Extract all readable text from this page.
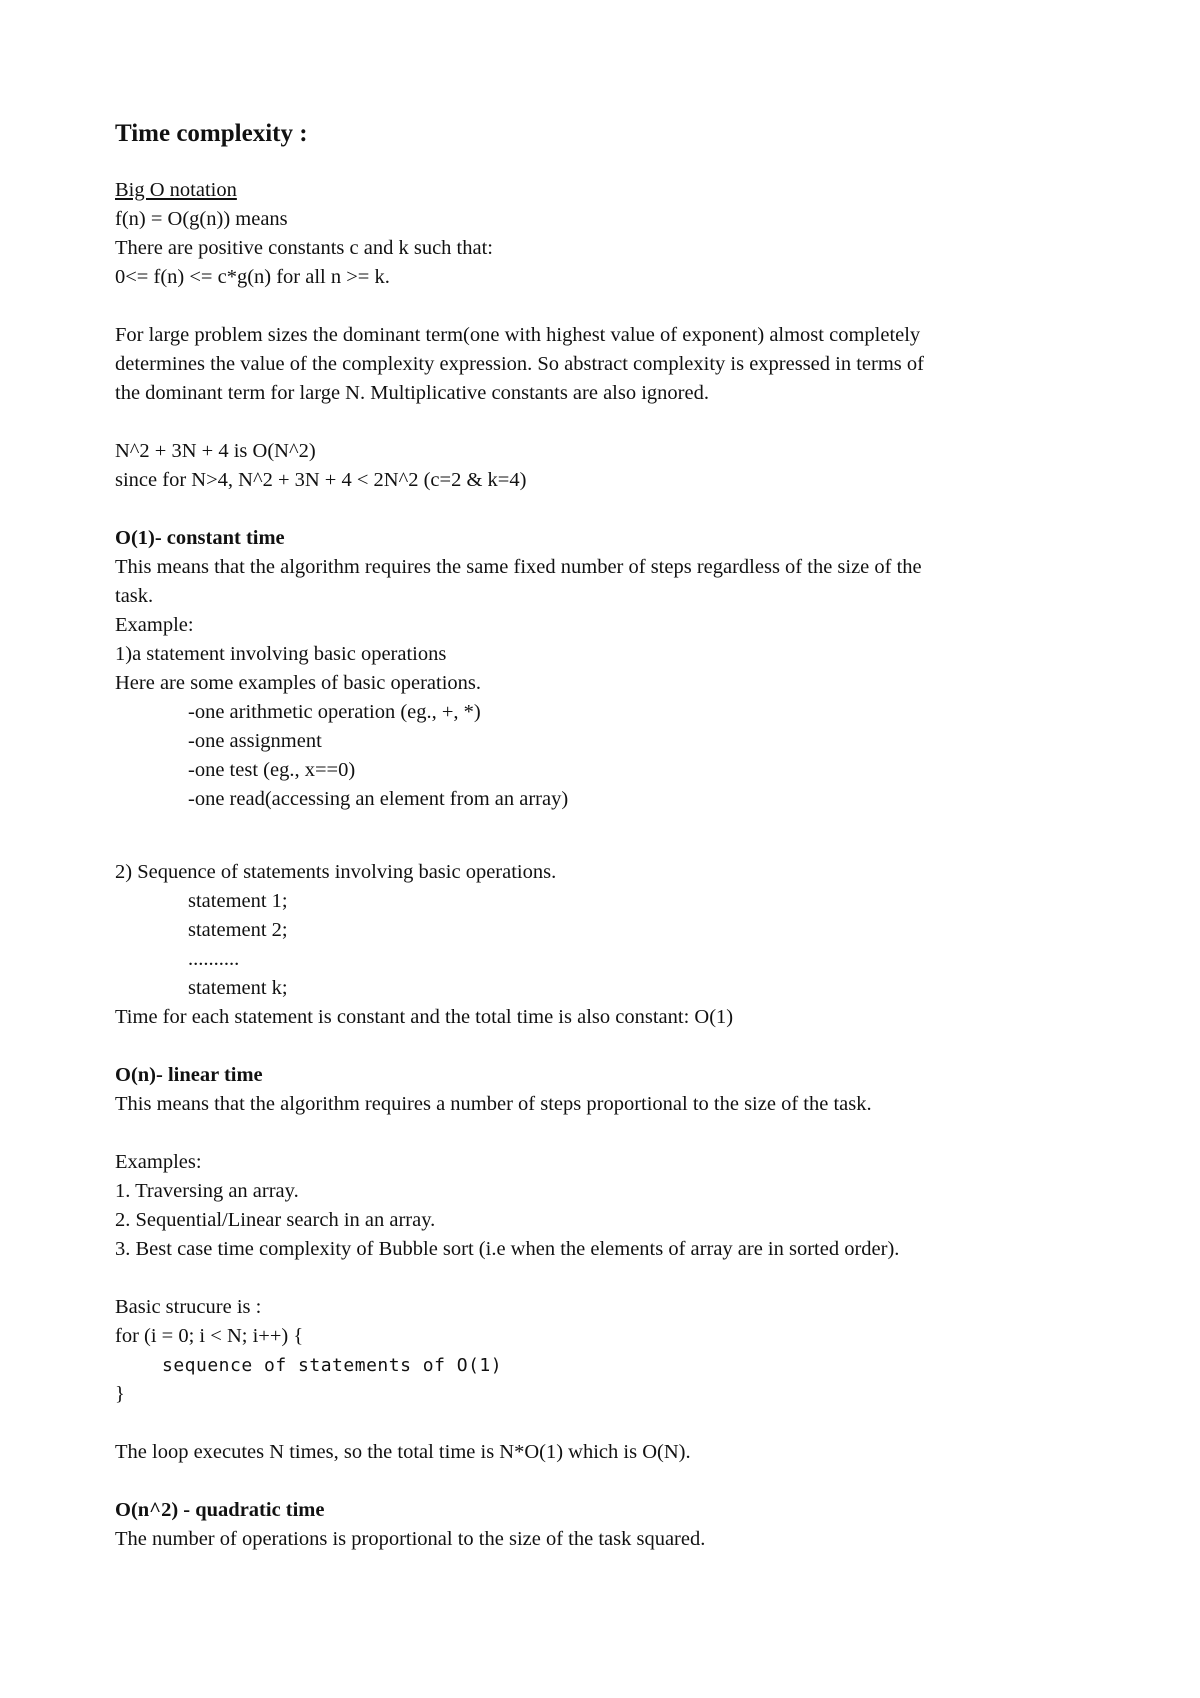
Time complexity :
Big O notation
f(n) = O(g(n)) means
There are positive constants c and k such that:
0<= f(n) <= c*g(n) for all n >= k.
For large problem sizes the dominant term(one with highest value of exponent) almost completely
determines the value of the complexity expression. So abstract complexity is expressed in terms of
the dominant term for large N. Multiplicative constants are also ignored.
N^2 + 3N + 4 is O(N^2)
since for N>4, N^2 + 3N + 4 < 2N^2 (c=2 & k=4)
O(1)- constant time
This means that the algorithm requires the same fixed number of steps regardless of the size of the
task.
Example:
1)a statement involving basic operations
Here are some examples of basic operations.
-one arithmetic operation (eg., +, *)
-one assignment
-one test (eg., x==0)
-one read(accessing an element from an array)
2) Sequence of statements involving basic operations.
statement 1;
statement 2;
..........
statement k;
Time for each statement is constant and the total time is also constant: O(1)
O(n)- linear time
This means that the algorithm requires a number of steps proportional to the size of the task.
Examples:
1. Traversing an array.
2. Sequential/Linear search in an array.
3. Best case time complexity of Bubble sort (i.e when the elements of array are in sorted order).
Basic strucure is :
for (i = 0; i < N; i++) {
sequence of statements of O(1)
}
The loop executes N times, so the total time is N*O(1) which is O(N).
O(n^2) - quadratic time
The number of operations is proportional to the size of the task squared.
